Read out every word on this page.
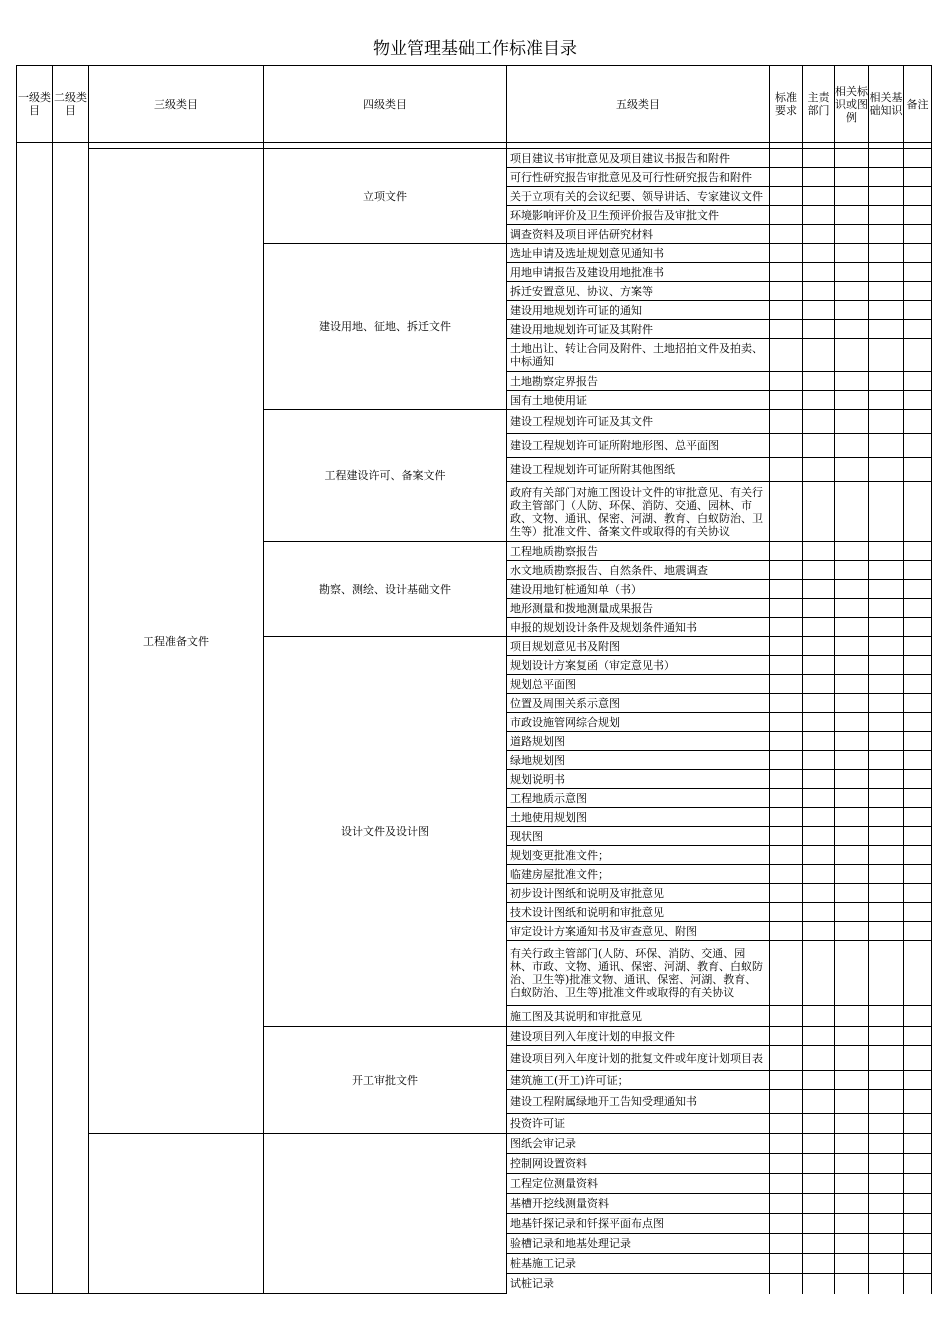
物业管理基础工作标准目录
一级类目	二级类目	三级类目	四级类目	五级类目	标准要求	主责部门	相关标识或图例	相关基础知识	备注

		工程准备文件	立项文件	项目建议书审批意见及项目建议书报告和附件					
				可行性研究报告审批意见及可行性研究报告和附件					
				关于立项有关的会议纪要、领导讲话、专家建议文件					
				环境影响评价及卫生预评价报告及审批文件					
				调查资料及项目评估研究材料					
			建设用地、征地、拆迁文件	选址申请及选址规划意见通知书					
				用地申请报告及建设用地批准书					
				拆迁安置意见、协议、方案等					
				建设用地规划许可证的通知					
				建设用地规划许可证及其附件					
				土地出让、转让合同及附件、土地招拍文件及拍卖、中标通知					
				土地勘察定界报告					
				国有土地使用证					
			工程建设许可、备案文件	建设工程规划许可证及其文件					
				建设工程规划许可证所附地形图、总平面图					
				建设工程规划许可证所附其他图纸					
				政府有关部门对施工图设计文件的审批意见、有关行政主管部门（人防、环保、消防、交通、园林、市政、文物、通讯、保密、河湖、教育、白蚁防治、卫生等）批准文件、备案文件或取得的有关协议					
			勘察、测绘、设计基础文件	工程地质勘察报告					
				水文地质勘察报告、自然条件、地震调查					
				建设用地钉桩通知单（书）					
				地形测量和拨地测量成果报告					
				申报的规划设计条件及规划条件通知书					
			设计文件及设计图	项目规划意见书及附图					
				规划设计方案复函（审定意见书）					
				规划总平面图					
				位置及周围关系示意图					
				市政设施管网综合规划					
				道路规划图					
				绿地规划图					
				规划说明书					
				工程地质示意图					
				土地使用规划图					
				现状图					
				规划变更批准文件；					
				临建房屋批准文件；					
				初步设计图纸和说明及审批意见					
				技术设计图纸和说明和审批意见					
				审定设计方案通知书及审查意见、附图					
				有关行政主管部门(人防、环保、消防、交通、园林、市政、文物、通讯、保密、河湖、教育、白蚁防治、卫生等)批准文物、通讯、保密、河湖、教育、白蚁防治、卫生等)批准文件或取得的有关协议					
				施工图及其说明和审批意见					
			开工审批文件	建设项目列入年度计划的申报文件					
				建设项目列入年度计划的批复文件或年度计划项目表					
				建筑施工(开工)许可证；					
				建设工程附属绿地开工告知受理通知书					
				投资许可证					
				图纸会审记录					
				控制网设置资料					
				工程定位测量资料					
				基槽开挖线测量资料					
				地基钎探记录和钎探平面布点图					
				验槽记录和地基处理记录					
				桩基施工记录					
				试桩记录					
